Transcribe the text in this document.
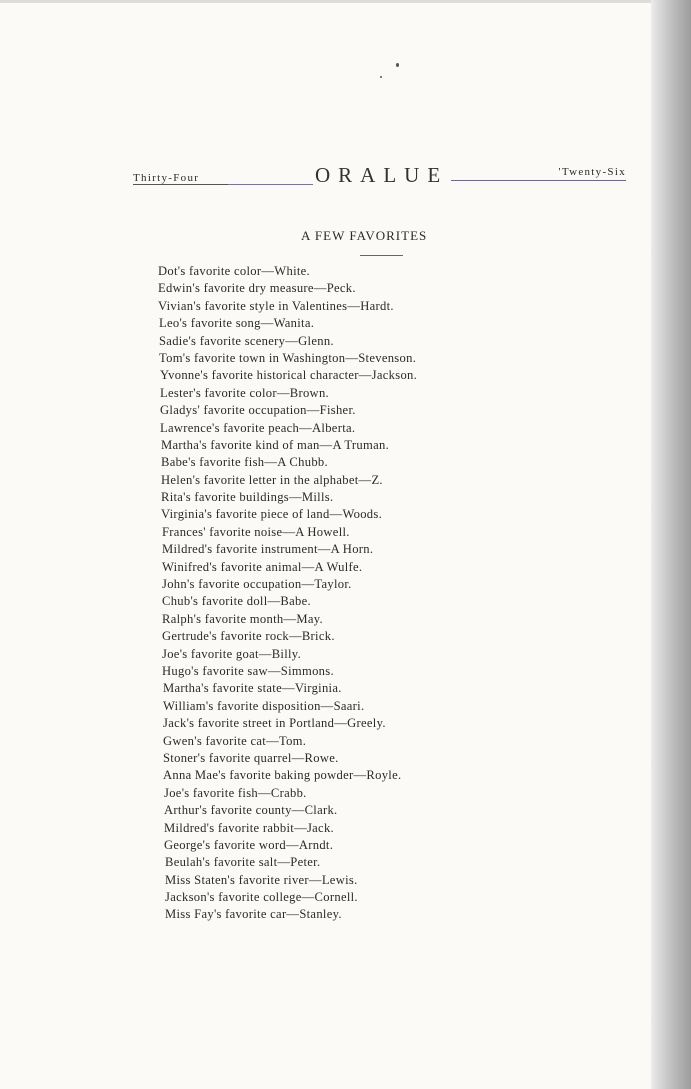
Thirty-Four	ORALUE	'Twenty-Six
A FEW FAVORITES
Dot's favorite color—White.
Edwin's favorite dry measure—Peck.
Vivian's favorite style in Valentines—Hardt.
Leo's favorite song—Wanita.
Sadie's favorite scenery—Glenn.
Tom's favorite town in Washington—Stevenson.
Yvonne's favorite historical character—Jackson.
Lester's favorite color—Brown.
Gladys' favorite occupation—Fisher.
Lawrence's favorite peach—Alberta.
Martha's favorite kind of man—A Truman.
Babe's favorite fish—A Chubb.
Helen's favorite letter in the alphabet—Z.
Rita's favorite buildings—Mills.
Virginia's favorite piece of land—Woods.
Frances' favorite noise—A Howell.
Mildred's favorite instrument—A Horn.
Winifred's favorite animal—A Wulfe.
John's favorite occupation—Taylor.
Chub's favorite doll—Babe.
Ralph's favorite month—May.
Gertrude's favorite rock—Brick.
Joe's favorite goat—Billy.
Hugo's favorite saw—Simmons.
Martha's favorite state—Virginia.
William's favorite disposition—Saari.
Jack's favorite street in Portland—Greely.
Gwen's favorite cat—Tom.
Stoner's favorite quarrel—Rowe.
Anna Mae's favorite baking powder—Royle.
Joe's favorite fish—Crabb.
Arthur's favorite county—Clark.
Mildred's favorite rabbit—Jack.
George's favorite word—Arndt.
Beulah's favorite salt—Peter.
Miss Staten's favorite river—Lewis.
Jackson's favorite college—Cornell.
Miss Fay's favorite car—Stanley.
